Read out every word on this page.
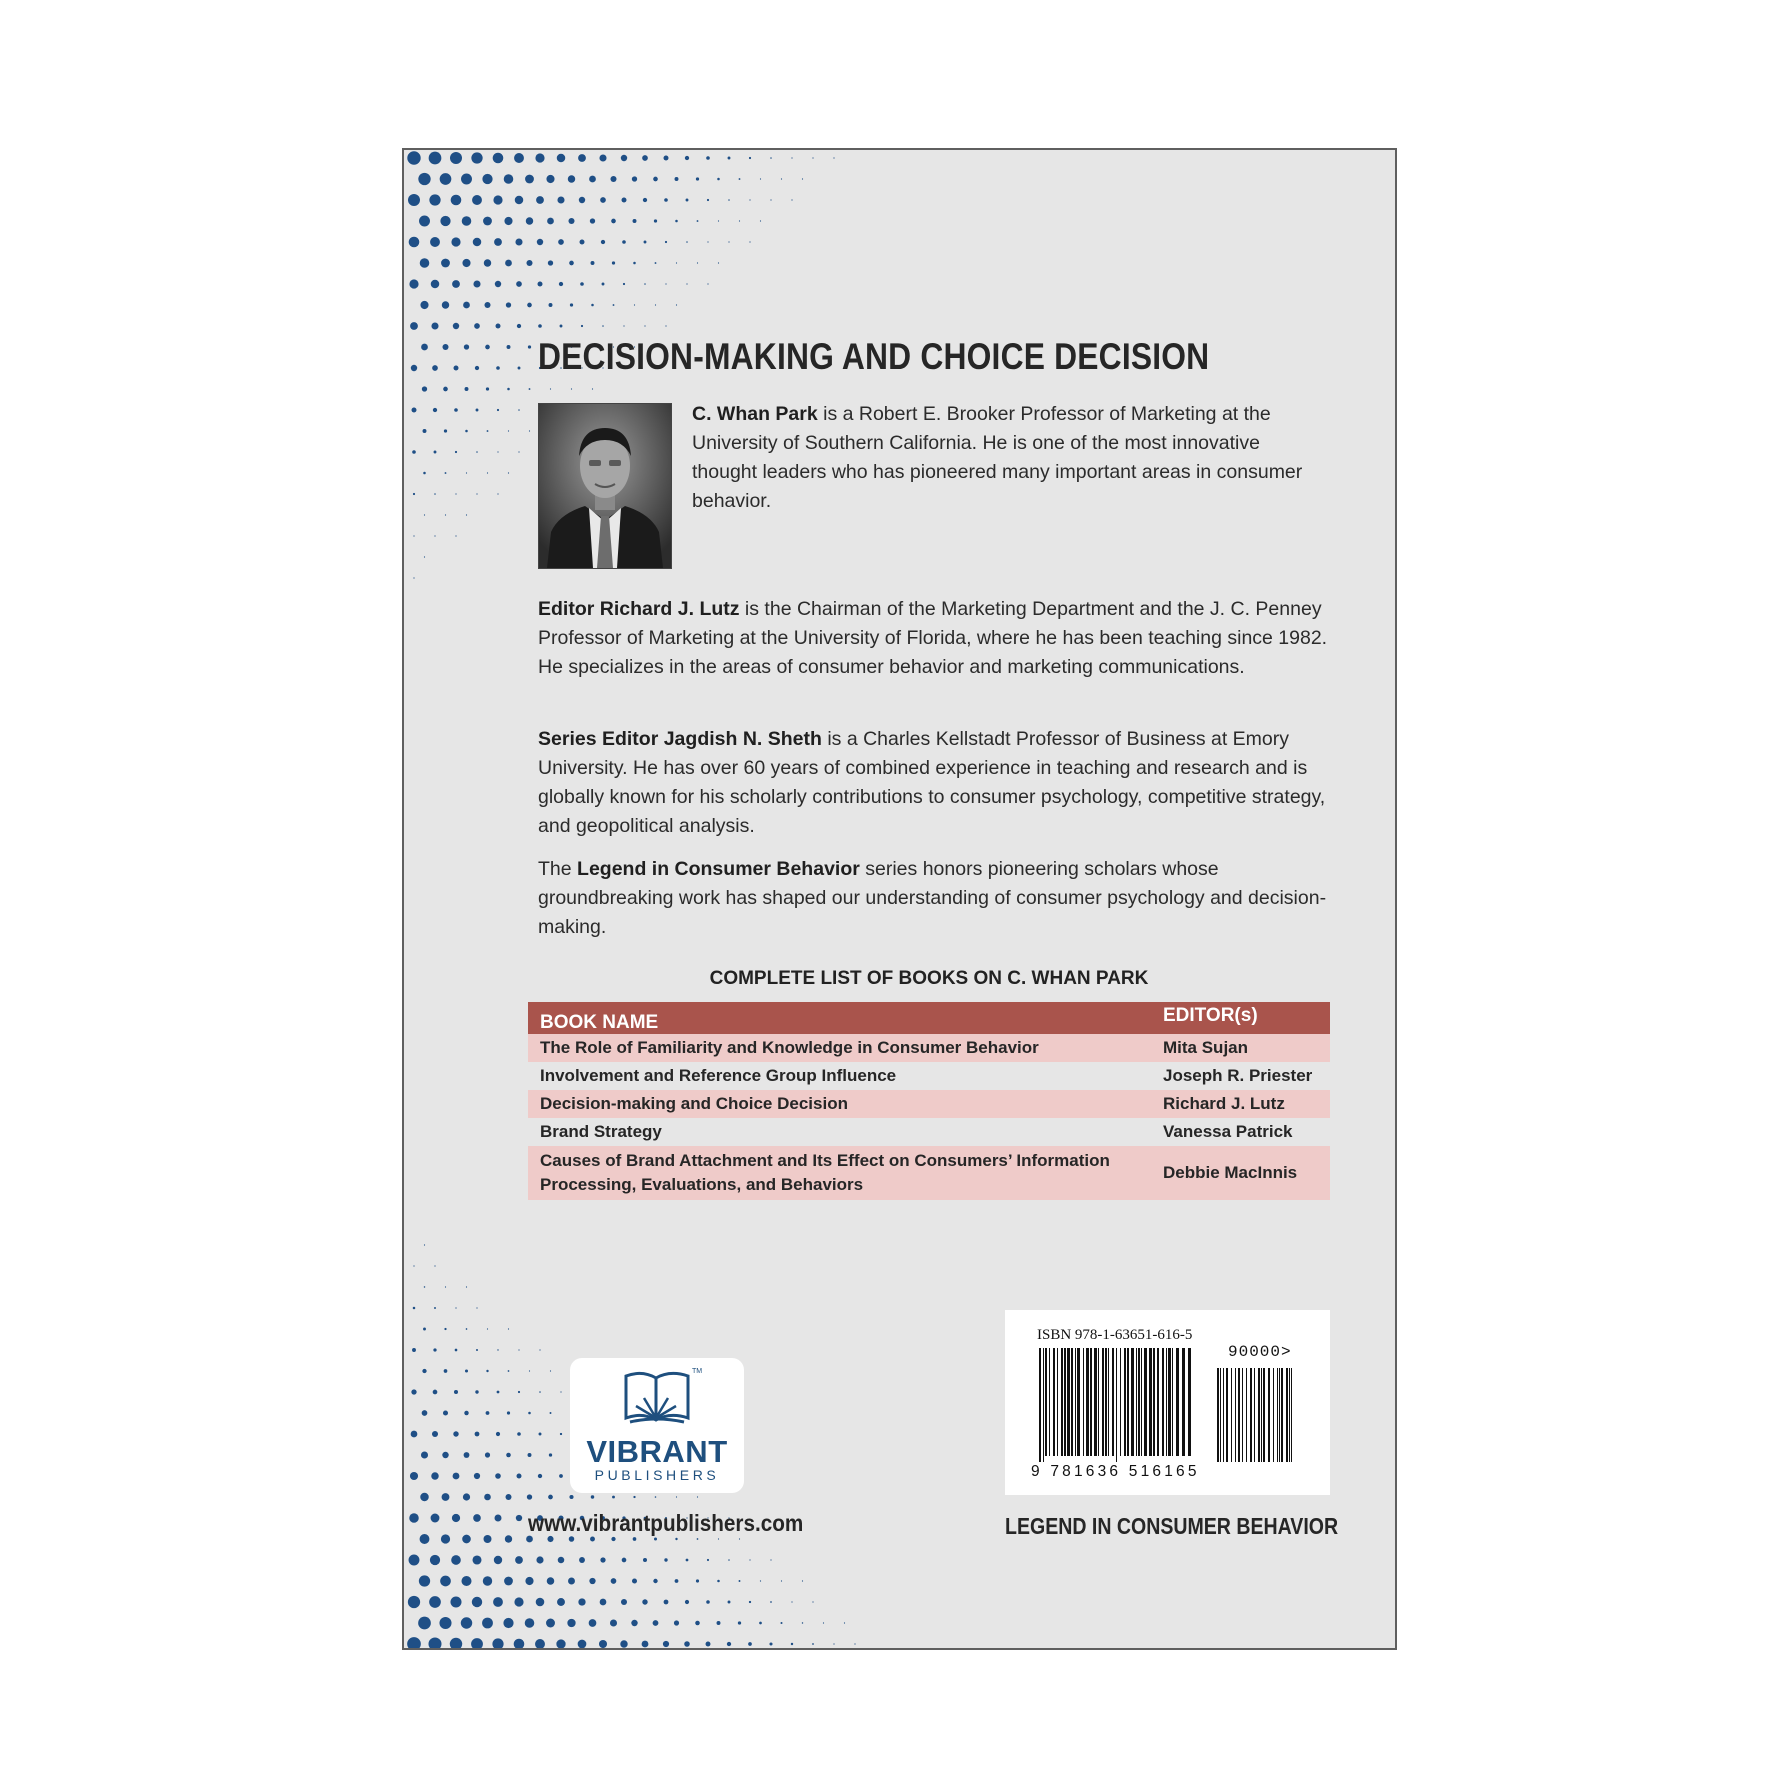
DECISION-MAKING AND CHOICE DECISION

C. Whan Park is a Robert E. Brooker Professor of Marketing at the University of Southern California. He is one of the most innovative thought leaders who has pioneered many important areas in consumer behavior.

Editor Richard J. Lutz is the Chairman of the Marketing Department and the J. C. Penney Professor of Marketing at the University of Florida, where he has been teaching since 1982. He specializes in the areas of consumer behavior and marketing communications.

Series Editor Jagdish N. Sheth is a Charles Kellstadt Professor of Business at Emory University. He has over 60 years of combined experience in teaching and research and is globally known for his scholarly contributions to consumer psychology, competitive strategy, and geopolitical analysis.

The Legend in Consumer Behavior series honors pioneering scholars whose groundbreaking work has shaped our understanding of consumer psychology and decision-making.

COMPLETE LIST OF BOOKS ON C. WHAN PARK

BOOK NAME	EDITOR(s)
The Role of Familiarity and Knowledge in Consumer Behavior	Mita Sujan
Involvement and Reference Group Influence	Joseph R. Priester
Decision-making and Choice Decision	Richard J. Lutz
Brand Strategy	Vanessa Patrick
Causes of Brand Attachment and Its Effect on Consumers’ Information Processing, Evaluations, and Behaviors	Debbie MacInnis
TM

VIBRANT

PUBLISHERS

www.vibrantpublishers.com
ISBN 978-1-63651-616-5
90000>
9 781636 516165
LEGEND IN CONSUMER BEHAVIOR
